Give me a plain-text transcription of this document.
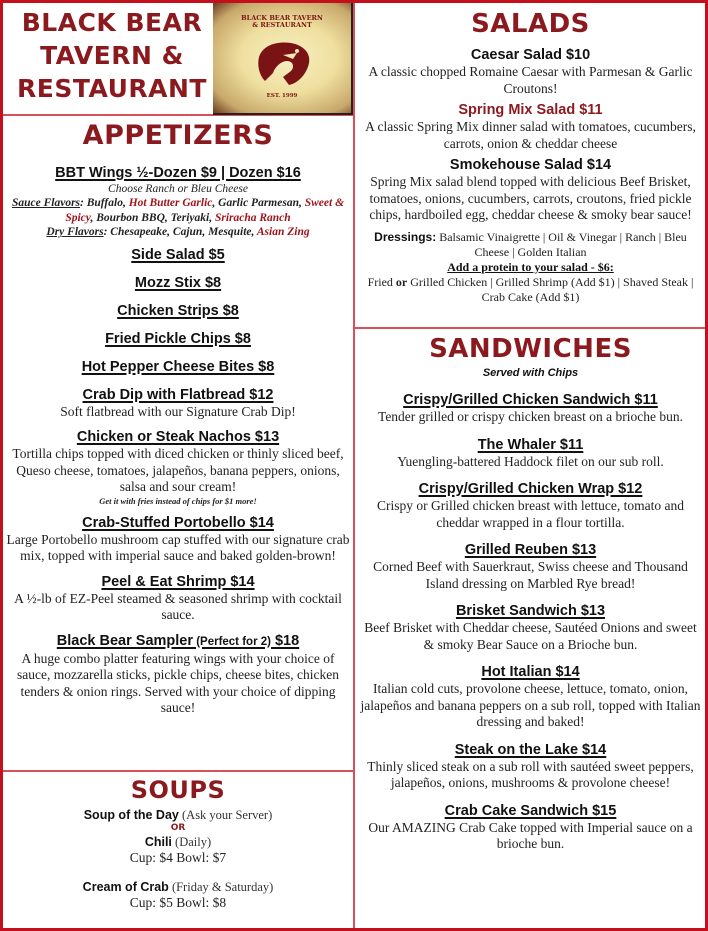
BLACK BEAR
TAVERN &
RESTAURANT
BLACK BEAR TAVERN
& RESTAURANT
EST. 1999
APPETIZERS

BBT Wings ½-Dozen $9 | Dozen $16

Choose Ranch or Bleu Cheese

Sauce Flavors: Buffalo, Hot Butter Garlic, Garlic Parmesan, Sweet & Spicy, Bourbon BBQ, Teriyaki, Sriracha Ranch

Dry Flavors: Chesapeake, Cajun, Mesquite, Asian Zing

Side Salad $5

Mozz Stix $8

Chicken Strips $8

Fried Pickle Chips $8

Hot Pepper Cheese Bites $8

Crab Dip with Flatbread $12

Soft flatbread with our Signature Crab Dip!

Chicken or Steak Nachos $13

Tortilla chips topped with diced chicken or thinly sliced beef, Queso cheese, tomatoes, jalapeños, banana peppers, onions, salsa and sour cream!

Get it with fries instead of chips for $1 more!

Crab-Stuffed Portobello $14

Large Portobello mushroom cap stuffed with our signature crab mix, topped with imperial sauce and baked golden-brown!

Peel & Eat Shrimp $14

A ½-lb of EZ-Peel steamed & seasoned shrimp with cocktail sauce.

Black Bear Sampler (Perfect for 2) $18

A huge combo platter featuring wings with your choice of sauce, mozzarella sticks, pickle chips, cheese bites, chicken tenders & onion rings. Served with your choice of dipping sauce!

SOUPS
Soup of the Day (Ask your Server)
OR
Chili (Daily)
Cup: $4 Bowl: $7
Cream of Crab (Friday & Saturday)
Cup: $5 Bowl: $8
SALADS

Caesar Salad $10

A classic chopped Romaine Caesar with Parmesan & Garlic Croutons!

Spring Mix Salad $11

A classic Spring Mix dinner salad with tomatoes, cucumbers, carrots, onion & cheddar cheese

Smokehouse Salad $14

Spring Mix salad blend topped with delicious Beef Brisket, tomatoes, onions, cucumbers, carrots, croutons, fried pickle chips, hardboiled egg, cheddar cheese & smoky bear sauce!

Dressings: Balsamic Vinaigrette | Oil & Vinegar | Ranch | Bleu Cheese | Golden Italian

Add a protein to your salad - $6:

Fried or Grilled Chicken | Grilled Shrimp (Add $1) | Shaved Steak | Crab Cake (Add $1)

SANDWICHES

Served with Chips

Crispy/Grilled Chicken Sandwich $11

Tender grilled or crispy chicken breast on a brioche bun.

The Whaler $11

Yuengling-battered Haddock filet on our sub roll.

Crispy/Grilled Chicken Wrap $12

Crispy or Grilled chicken breast with lettuce, tomato and cheddar wrapped in a flour tortilla.

Grilled Reuben $13

Corned Beef with Sauerkraut, Swiss cheese and Thousand Island dressing on Marbled Rye bread!

Brisket Sandwich $13

Beef Brisket with Cheddar cheese, Sautéed Onions and sweet & smoky Bear Sauce on a Brioche bun.

Hot Italian $14

Italian cold cuts, provolone cheese, lettuce, tomato, onion, jalapeños and banana peppers on a sub roll, topped with Italian dressing and baked!

Steak on the Lake $14

Thinly sliced steak on a sub roll with sautéed sweet peppers, jalapeños, onions, mushrooms & provolone cheese!

Crab Cake Sandwich $15

Our AMAZING Crab Cake topped with Imperial sauce on a brioche bun.
